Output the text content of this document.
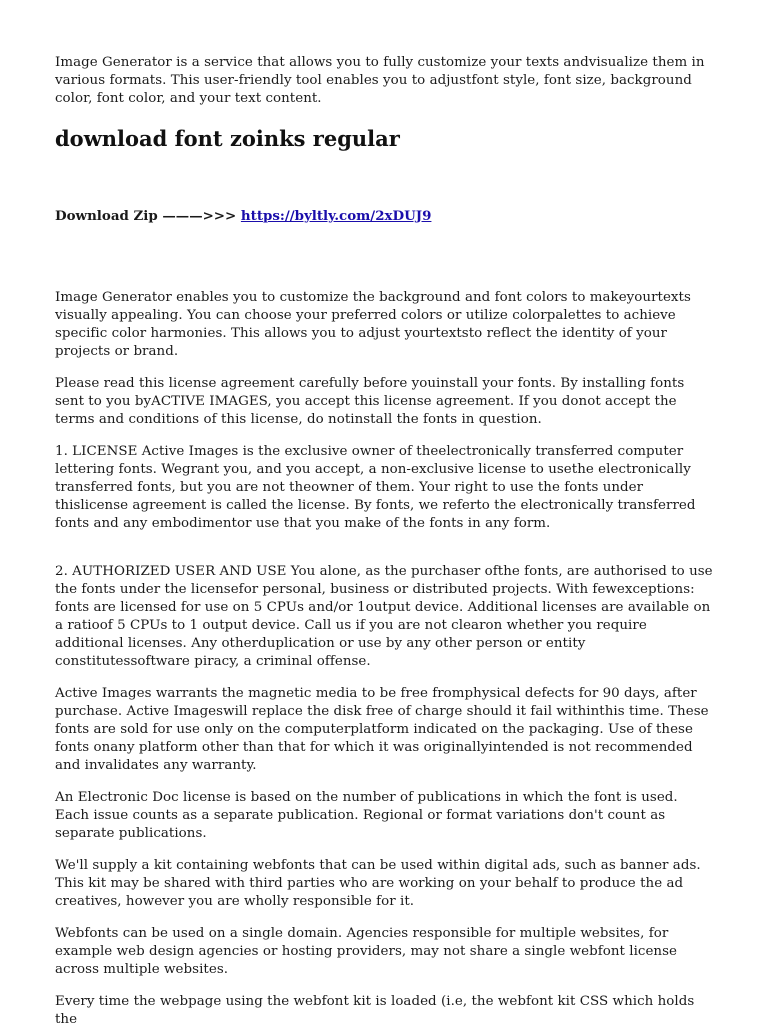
Image Generator is a service that allows you to fully customize your texts andvisualize them in various formats. This user-friendly tool enables you to adjustfont style, font size, background color, font color, and your text content.

download font zoinks regular
Download Zip ———>>> https://byltly.com/2xDUJ9

Image Generator enables you to customize the background and font colors to makeyourtexts visually appealing. You can choose your preferred colors or utilize colorpalettes to achieve specific color harmonies. This allows you to adjust yourtextsto reflect the identity of your projects or brand.

Please read this license agreement carefully before youinstall your fonts. By installing fonts sent to you byACTIVE IMAGES, you accept this license agreement. If you donot accept the terms and conditions of this license, do notinstall the fonts in question.

1. LICENSE Active Images is the exclusive owner of theelectronically transferred computer lettering fonts. Wegrant you, and you accept, a non-exclusive license to usethe electronically transferred fonts, but you are not theowner of them. Your right to use the fonts under thislicense agreement is called the license. By fonts, we referto the electronically transferred fonts and any embodimentor use that you make of the fonts in any form.

2. AUTHORIZED USER AND USE You alone, as the purchaser ofthe fonts, are authorised to use the fonts under the licensefor personal, business or distributed projects. With fewexceptions: fonts are licensed for use on 5 CPUs and/or 1output device. Additional licenses are available on a ratioof 5 CPUs to 1 output device. Call us if you are not clearon whether you require additional licenses. Any otherduplication or use by any other person or entity constitutessoftware piracy, a criminal offense.

Active Images warrants the magnetic media to be free fromphysical defects for 90 days, after purchase. Active Imageswill replace the disk free of charge should it fail withinthis time. These fonts are sold for use only on the computerplatform indicated on the packaging. Use of these fonts onany platform other than that for which it was originallyintended is not recommended and invalidates any warranty.

An Electronic Doc license is based on the number of publications in which the font is used. Each issue counts as a separate publication. Regional or format variations don't count as separate publications.

We'll supply a kit containing webfonts that can be used within digital ads, such as banner ads. This kit may be shared with third parties who are working on your behalf to produce the ad creatives, however you are wholly responsible for it.

Webfonts can be used on a single domain. Agencies responsible for multiple websites, for example web design agencies or hosting providers, may not share a single webfont license across multiple websites.

Every time the webpage using the webfont kit is loaded (i.e, the webfont kit CSS which holds the
